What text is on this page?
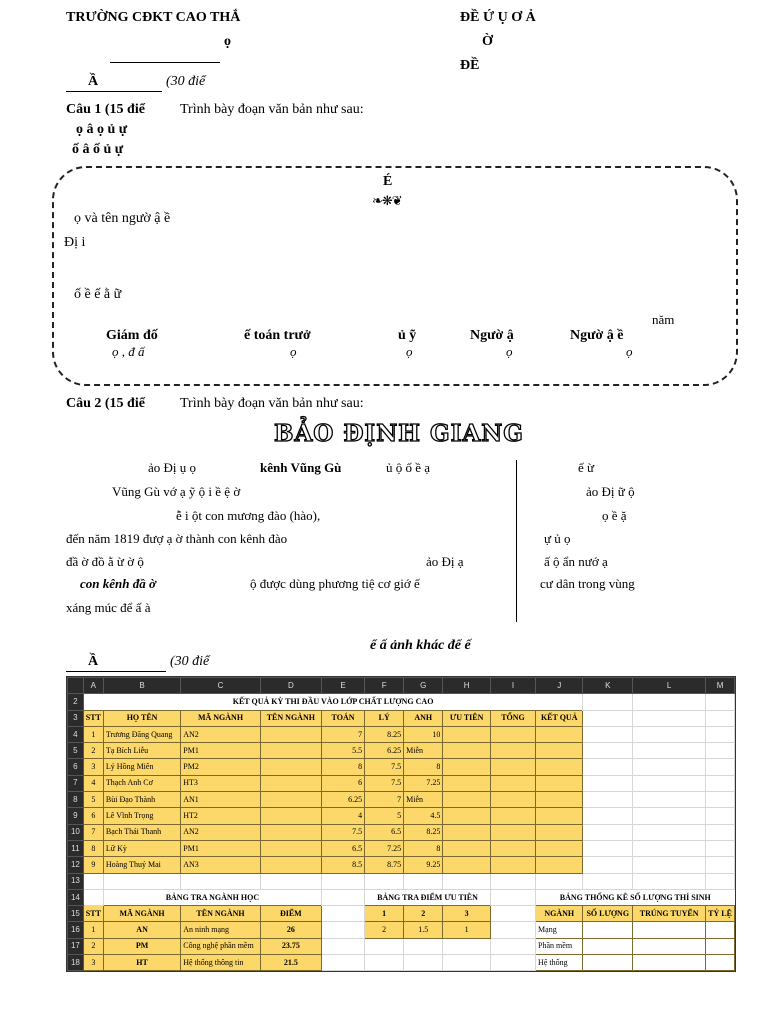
TRƯỜNG CĐKT CAO THẮ
ọ
ĐỀ Ứ Ụ Ơ Ả
Ờ
ĐỀ
Ầ	(30 điể
Câu 1 (15 điể	Trình bày đoạn văn bản như sau:
ọ â ọ ủ ự
ố â ố ủ ự
É
❧❋❦
ọ và tên ngườ ậ ề
Đị i
ố ề ế ằ ữ
năm
Giám đố	ế toán trưở	ủ ỹ	Ngườ ậ	Ngườ ậ ề
ọ , đ ấ	ọ	ọ	ọ	ọ
Câu 2 (15 điể	Trình bày đoạn văn bản như sau:
BẢO ĐỊNH GIANG
ảo Đị ụ ọ	kênh Vũng Gù	ủ ộ ố ề ạ
Vũng Gù vớ ạ ỹ ộ i ề ệ ờ
ễ i ột con mương đào (hào),
đến năm 1819 đượ ạ ờ thành con kênh đào
đầ ờ đồ ằ ừ ờ ộ	ảo Đị ạ
con kênh đầ ờ	ộ được dùng phương tiệ cơ giớ ế
xáng múc để ấ à
ế ừ
ảo Đị ữ ộ
ọ ề ặ
ự ủ ọ
ấ ộ ẩn nướ ạ
cư dân trong vùng
ể ấ ảnh khác để ế
Ầ	(30 điể
	A	B	C	D	E	F	G	H	I	J	K	L	M
2	KẾT QUẢ KỲ THI ĐẦU VÀO LỚP CHẤT LƯỢNG CAO												
3	STT	HỌ TÊN	MÃ NGÀNH	TÊN NGÀNH	TOÁN	LÝ	ANH	ƯU TIÊN	TỔNG	KẾT QUẢ			
4	1	Trương Đăng Quang	AN2		7	8.25	10						
5	2	Tạ Bích Liễu	PM1		5.5	6.25	Miễn						
6	3	Lý Hồng Miên	PM2		8	7.5	8						
7	4	Thạch Anh Cơ	HT3		6	7.5	7.25						
8	5	Bùi Đạo Thành	AN1		6.25	7	Miễn						
9	6	Lê Vĩnh Trọng	HT2		4	5	4.5						
10	7	Bạch Thái Thanh	AN2		7.5	6.5	8.25						
11	8	Lữ Kỳ	PM1		6.5	7.25	8						
12	9	Hoàng Thuý Mai	AN3		8.5	8.75	9.25						
13													
14		BẢNG TRA NGÀNH HỌC				BẢNG TRA ĐIỂM ƯU TIÊN				BẢNG THỐNG KÊ SỐ LƯỢNG THÍ SINH			
15	STT	MÃ NGÀNH	TÊN NGÀNH	ĐIỂM		1	2	3		NGÀNH	SỐ LƯỢNG	TRÚNG TUYỂN	TỶ LỆ
16	1	AN	An ninh mạng	26		2	1.5	1		Mạng			
17	2	PM	Công nghệ phần mềm	23.75						Phần mềm			
18	3	HT	Hệ thống thông tin	21.5						Hệ thống			
